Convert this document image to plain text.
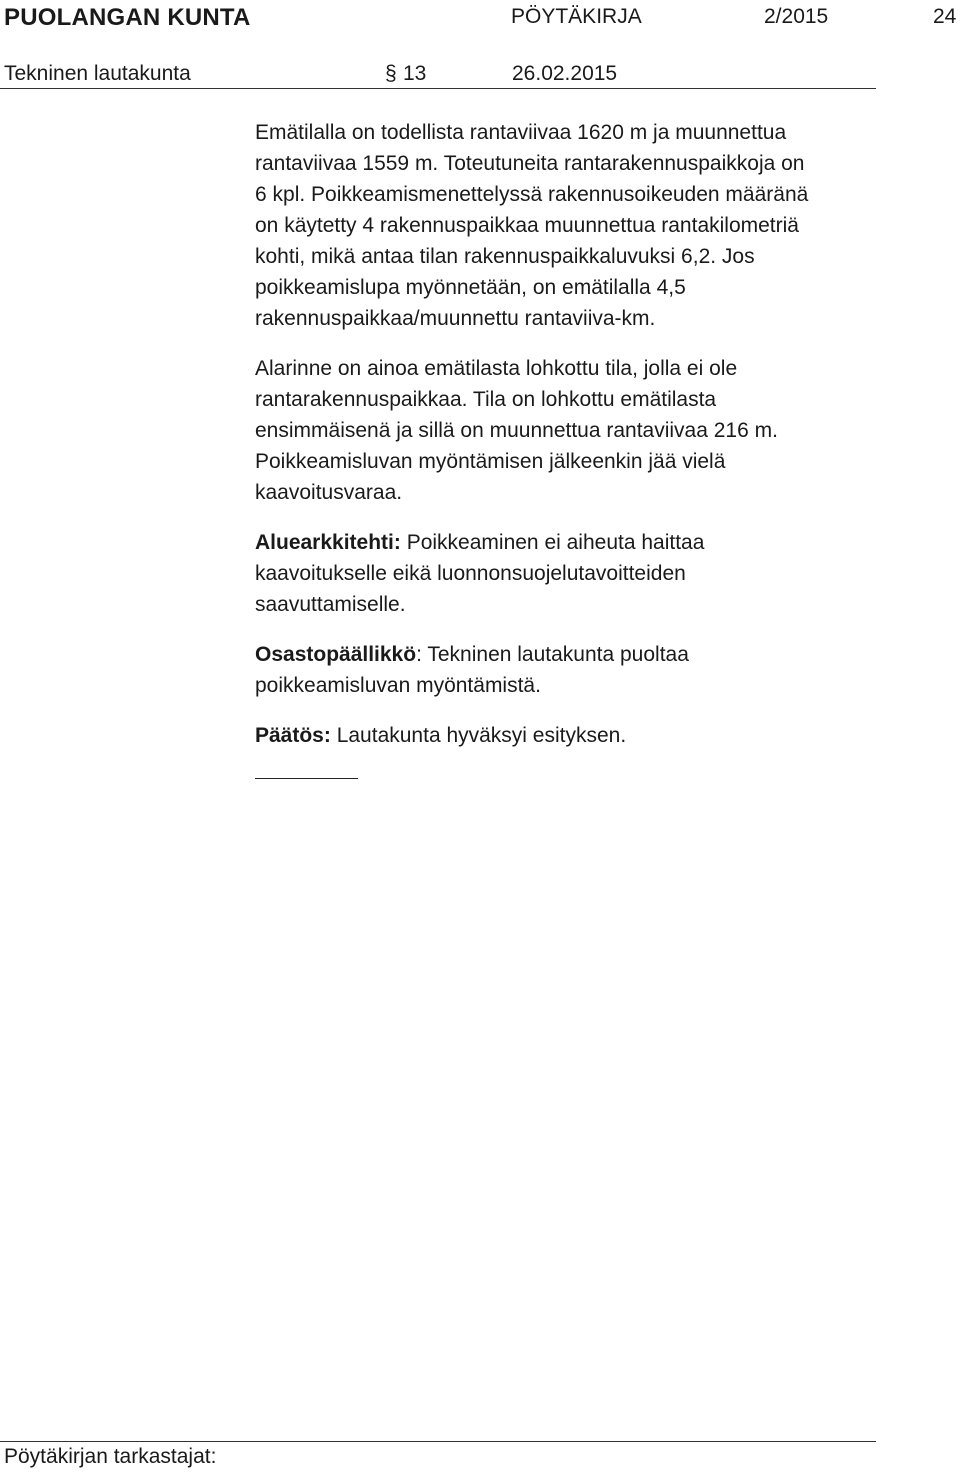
PUOLANGAN KUNTA	PÖYTÄKIRJA	2/2015	24
Tekninen lautakunta	§ 13	26.02.2015

Emätilalla on todellista rantaviivaa 1620 m ja muunnettua
rantaviivaa 1559 m. Toteutuneita rantarakennuspaikkoja on
6 kpl. Poikkeamismenettelyssä rakennusoikeuden määränä
on käytetty 4 rakennuspaikkaa muunnettua rantakilometriä
kohti, mikä antaa tilan rakennuspaikkaluvuksi 6,2. Jos
poikkeamislupa myönnetään, on emätilalla 4,5
rakennuspaikkaa/muunnettu rantaviiva-km.

Alarinne on ainoa emätilasta lohkottu tila, jolla ei ole
rantarakennuspaikkaa. Tila on lohkottu emätilasta
ensimmäisenä ja sillä on muunnettua rantaviivaa 216 m.
Poikkeamisluvan myöntämisen jälkeenkin jää vielä
kaavoitusvaraa.

Aluearkkitehti: Poikkeaminen ei aiheuta haittaa
kaavoitukselle eikä luonnonsuojelutavoitteiden
saavuttamiselle.

Osastopäällikkö: Tekninen lautakunta puoltaa
poikkeamisluvan myöntämistä.

Päätös: Lautakunta hyväksyi esityksen.

Pöytäkirjan tarkastajat:
